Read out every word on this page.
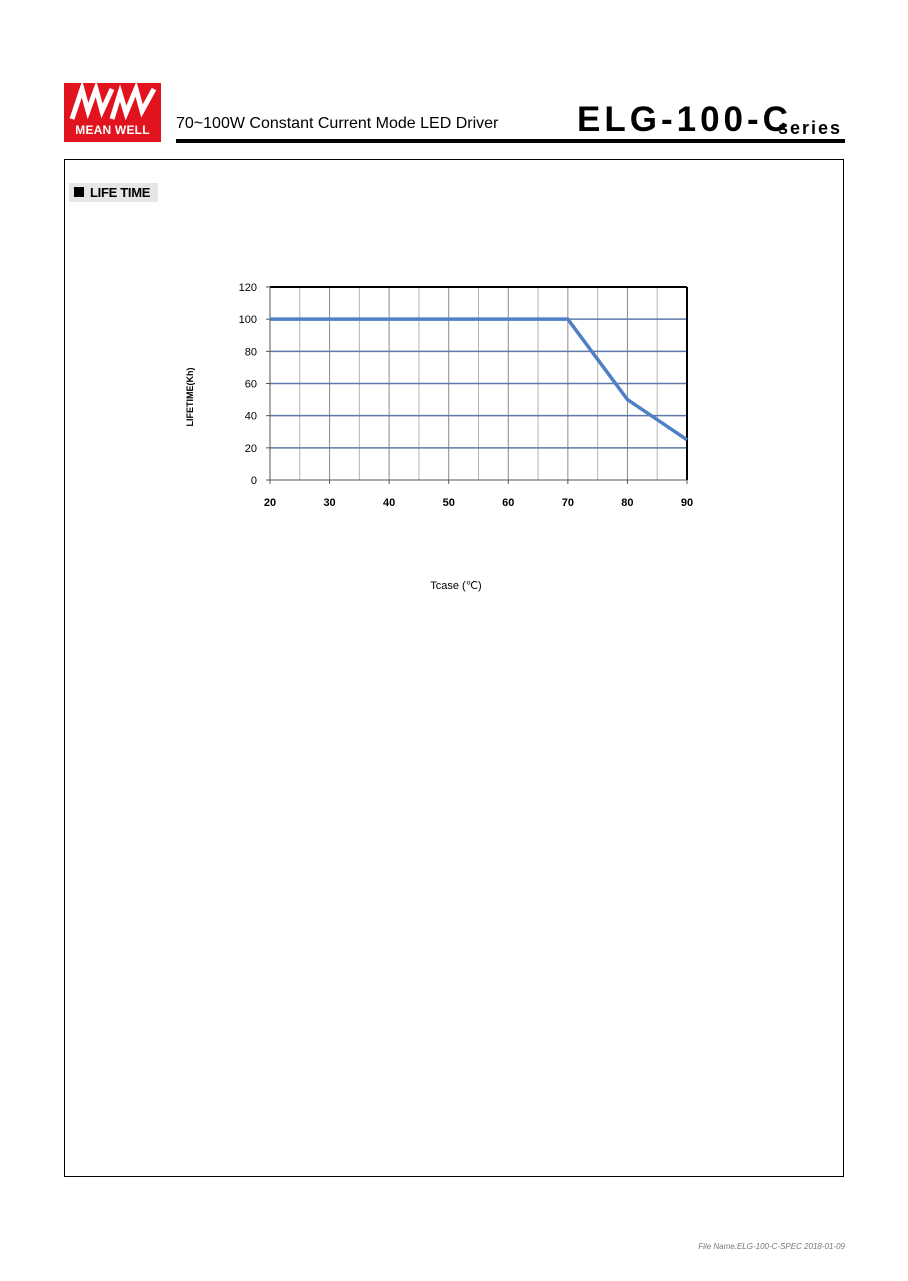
MEAN WELL	70~100W Constant Current Mode LED Driver ELG-100-C
series
LIFE TIME
0
20
40
60
80
100
120
20	30	40	50	60	70	80	90
LIFETIME(Kh)
Tcase (℃)
File Name:ELG-100-C-SPEC 2018-01-09
